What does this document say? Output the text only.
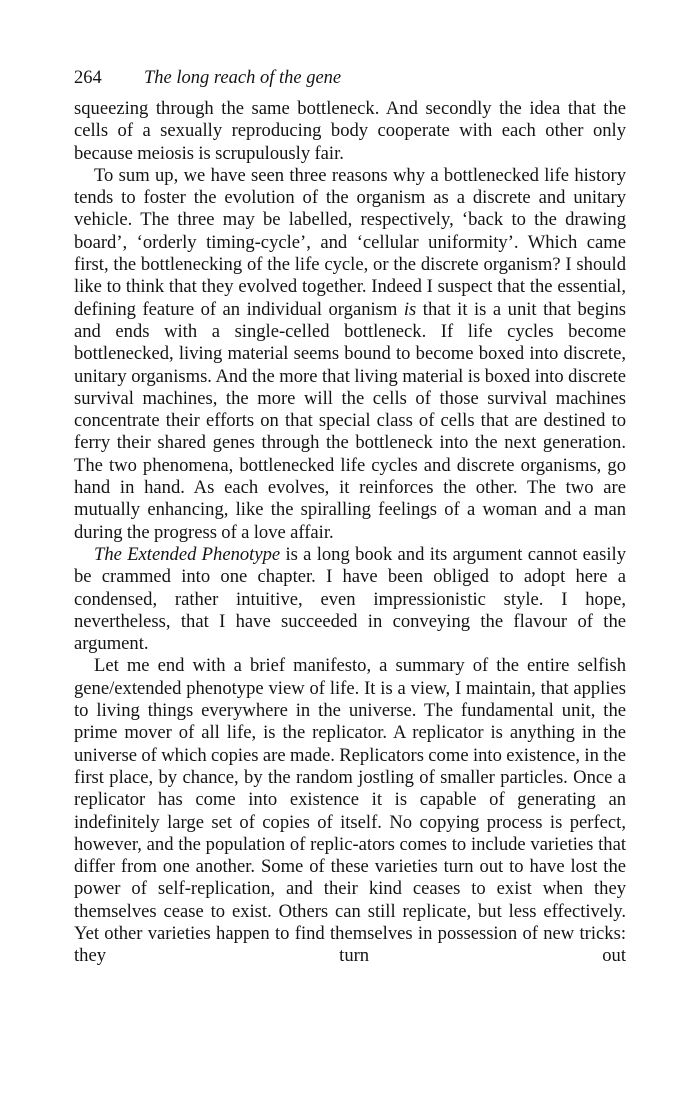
264 The long reach of the gene

squeezing through the same bottleneck. And secondly the idea that the cells of a sexually reproducing body cooperate with each other only because meiosis is scrupulously fair.

To sum up, we have seen three reasons why a bottlenecked life history tends to foster the evolution of the organism as a discrete and unitary vehicle. The three may be labelled, respectively, ‘back to the drawing board’, ‘orderly timing-cycle’, and ‘cellular uniformity’. Which came first, the bottlenecking of the life cycle, or the discrete organism? I should like to think that they evolved together. Indeed I suspect that the essential, defining feature of an individual organism is that it is a unit that begins and ends with a single-celled bottleneck. If life cycles become bottlenecked, living material seems bound to become boxed into discrete, unitary organisms. And the more that living material is boxed into discrete survival machines, the more will the cells of those survival machines concentrate their efforts on that special class of cells that are destined to ferry their shared genes through the bottleneck into the next generation. The two phenomena, bottlenecked life cycles and discrete organisms, go hand in hand. As each evolves, it reinforces the other. The two are mutually enhancing, like the spiralling feelings of a woman and a man during the progress of a love affair.

The Extended Phenotype is a long book and its argument cannot easily be crammed into one chapter. I have been obliged to adopt here a condensed, rather intuitive, even impressionistic style. I hope, nevertheless, that I have succeeded in conveying the flavour of the argument.

Let me end with a brief manifesto, a summary of the entire selfish gene/extended phenotype view of life. It is a view, I maintain, that applies to living things everywhere in the universe. The fundamental unit, the prime mover of all life, is the replicator. A replicator is anything in the universe of which copies are made. Replicators come into existence, in the first place, by chance, by the random jostling of smaller particles. Once a replicator has come into existence it is capable of generating an indefinitely large set of copies of itself. No copying process is perfect, however, and the population of replic-ators comes to include varieties that differ from one another. Some of these varieties turn out to have lost the power of self-replication, and their kind ceases to exist when they themselves cease to exist. Others can still replicate, but less effectively. Yet other varieties happen to find themselves in possession of new tricks: they turn out
